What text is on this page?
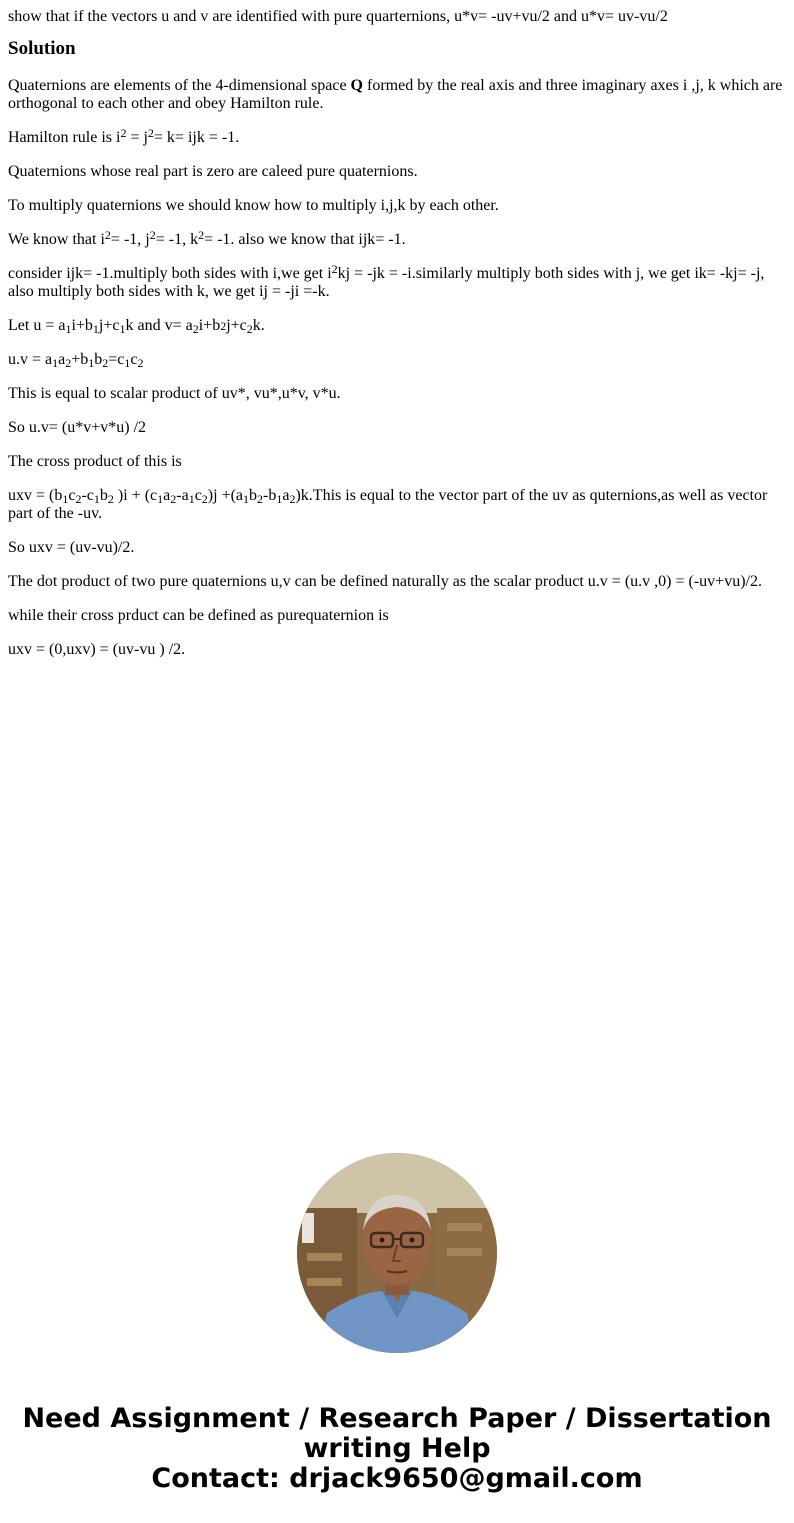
show that if the vectors u and v are identified with pure quarternions, u*v= -uv+vu/2 and u*v= uv-vu/2
Solution

Quaternions are elements of the 4-dimensional space Q formed by the real axis and three imaginary axes i ,j, k which are orthogonal to each other and obey Hamilton rule.

Hamilton rule is $i^2 = j^2= k=$ ijk = -1.

Quaternions whose real part is zero are caleed pure quaternions.

To multiply quaternions we should know how to multiply i,j,k by each other.

We know that $i^2= -1$, $j^2= -1$, $k^2= -1$. also we know that ijk= -1.

consider ijk= -1.multiply both sides with i,we get $i^2kj = -jk$ = -i.similarly multiply both sides with j, we get ik= -kj= -j, also multiply both sides with k, we get ij = -ji =-k.

Let $u = a_1i+b_1j+c_1k$ and $v= a_2i+b2j+c_2k$.

$u.v = a_1a_2+b_1b_2=c_1c_2$

This is equal to scalar product of uv*, vu*,u*v, v*u.

So u.v= (u*v+v*u) /2

The cross product of this is

uxv = ($b_1c_2-c_1b_2$ )$i + (c_1a_2-a_1c_2)j$ $+(a_1b_2-b_1a_2)k.This$ is equal to the vector part of the uv as quternions,as well as vector part of the -uv.

So uxv = (uv-vu)/2.

The dot product of two pure quaternions u,v can be defined naturally as the scalar product u.v = (u.v ,0) = (-uv+vu)/2.

while their cross prduct can be defined as purequaternion is

uxv = (0,uxv) = (uv-vu ) /2.

Need Assignment / Research Paper / Dissertation
writing Help
Contact: drjack9650@gmail.com
